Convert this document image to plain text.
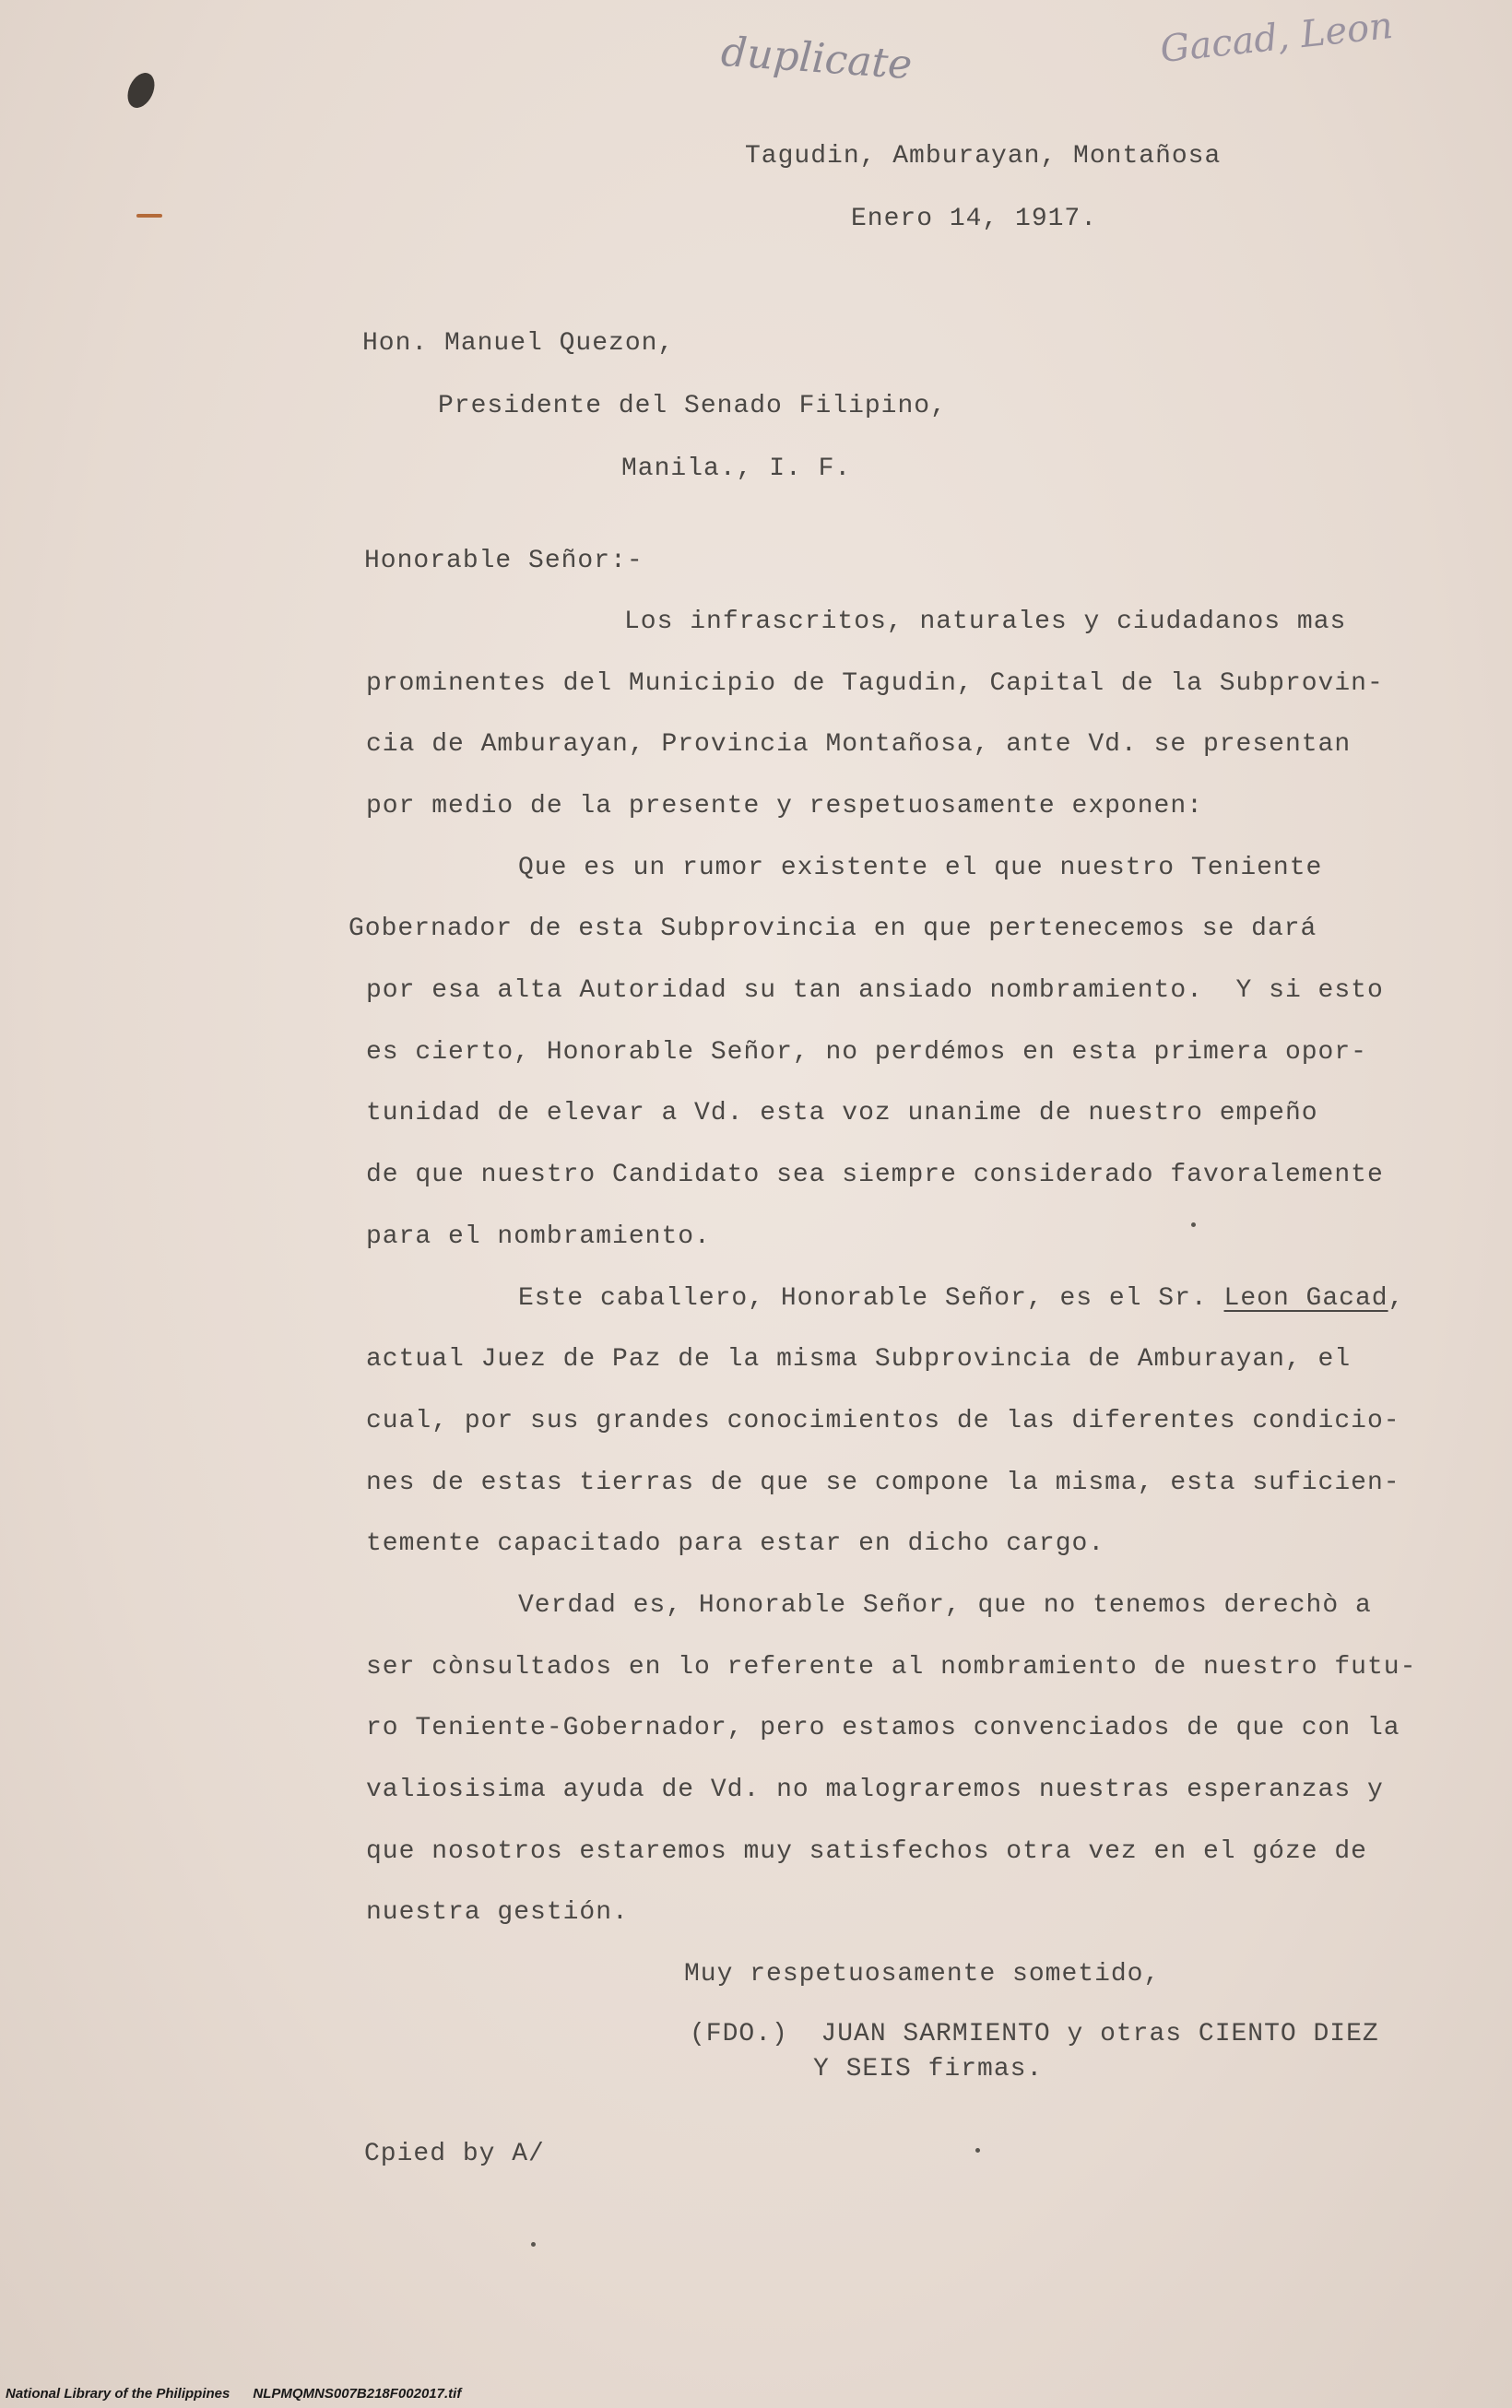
duplicate	Gacad, Leon
Tagudin, Amburayan, Montañosa
Enero 14, 1917.
Hon. Manuel Quezon,
Presidente del Senado Filipino,
Manila., I. F.
Honorable Señor:-
Los infrascritos, naturales y ciudadanos mas
prominentes del Municipio de Tagudin, Capital de la Subprovin-
cia de Amburayan, Provincia Montañosa, ante Vd. se presentan
por medio de la presente y respetuosamente exponen:
Que es un rumor existente el que nuestro Teniente
Gobernador de esta Subprovincia en que pertenecemos se dará
por esa alta Autoridad su tan ansiado nombramiento.  Y si esto
es cierto, Honorable Señor, no perdémos en esta primera opor-
tunidad de elevar a Vd. esta voz unanime de nuestro empeño
de que nuestro Candidato sea siempre considerado favoralemente
para el nombramiento.
Este caballero, Honorable Señor, es el Sr. Leon Gacad,
actual Juez de Paz de la misma Subprovincia de Amburayan, el
cual, por sus grandes conocimientos de las diferentes condicio-
nes de estas tierras de que se compone la misma, esta suficien-
temente capacitado para estar en dicho cargo.
Verdad es, Honorable Señor, que no tenemos derechò a
ser cònsultados en lo referente al nombramiento de nuestro futu-
ro Teniente-Gobernador, pero estamos convenciados de que con la
valiosisima ayuda de Vd. no malograremos nuestras esperanzas y
que nosotros estaremos muy satisfechos otra vez en el góze de
nuestra gestión.
Muy respetuosamente sometido,
(FDO.)  JUAN SARMIENTO y otras CIENTO DIEZ
Y SEIS firmas.
Cpied by A/
National Library of the Philippines NLPMQMNS007B218F002017.tif
